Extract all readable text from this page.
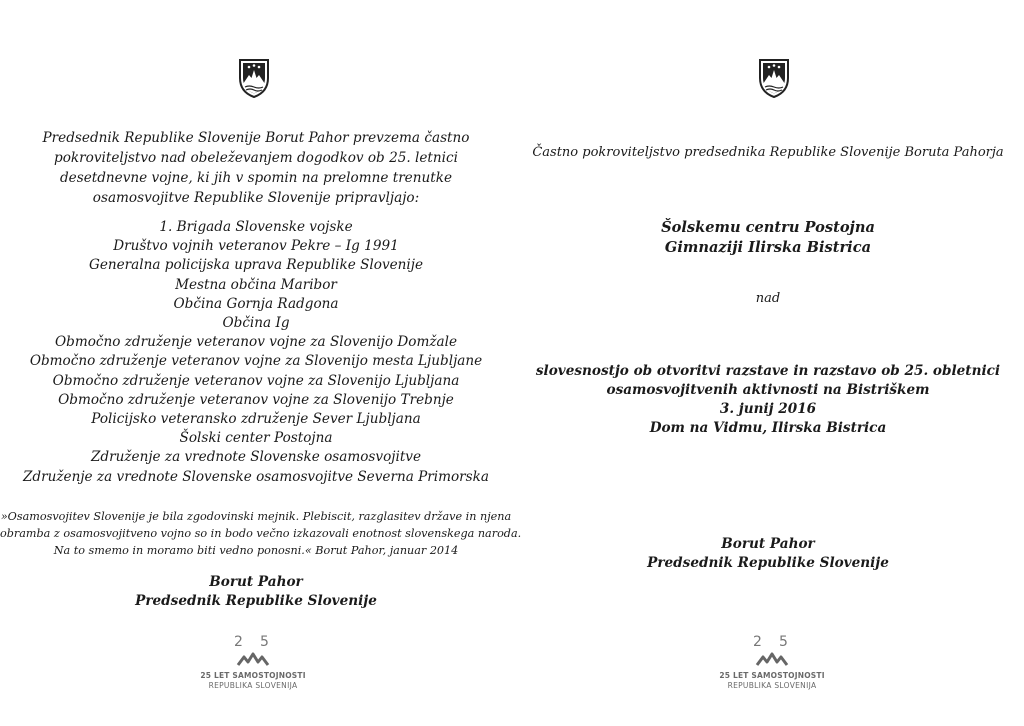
Predsednik Republike Slovenije Borut Pahor prevzema častno
pokroviteljstvo nad obeleževanjem dogodkov ob 25. letnici
desetdnevne vojne, ki jih v spomin na prelomne trenutke
osamosvojitve Republike Slovenije pripravljajo:
1. Brigada Slovenske vojske
Društvo vojnih veteranov Pekre – Ig 1991
Generalna policijska uprava Republike Slovenije
Mestna občina Maribor
Občina Gornja Radgona
Občina Ig
Območno združenje veteranov vojne za Slovenijo Domžale
Območno združenje veteranov vojne za Slovenijo mesta Ljubljane
Območno združenje veteranov vojne za Slovenijo Ljubljana
Območno združenje veteranov vojne za Slovenijo Trebnje
Policijsko veteransko združenje Sever Ljubljana
Šolski center Postojna
Združenje za vrednote Slovenske osamosvojitve
Združenje za vrednote Slovenske osamosvojitve Severna Primorska
»Osamosvojitev Slovenije je bila zgodovinski mejnik. Plebiscit, razglasitev države in njena
obramba z osamosvojitveno vojno so in bodo večno izkazovali enotnost slovenskega naroda.
Na to smemo in moramo biti vedno ponosni.« Borut Pahor, januar 2014
Borut Pahor
Predsednik Republike Slovenije
2 5
25 LET SAMOSTOJNOSTI
REPUBLIKA SLOVENIJA
Častno pokroviteljstvo predsednika Republike Slovenije Boruta Pahorja
Šolskemu centru Postojna
Gimnaziji Ilirska Bistrica
nad
slovesnostjo ob otvoritvi razstave in razstavo ob 25. obletnici
osamosvojitvenih aktivnosti na Bistriškem
3. junij 2016
Dom na Vidmu, Ilirska Bistrica
Borut Pahor
Predsednik Republike Slovenije
2 5
25 LET SAMOSTOJNOSTI
REPUBLIKA SLOVENIJA
